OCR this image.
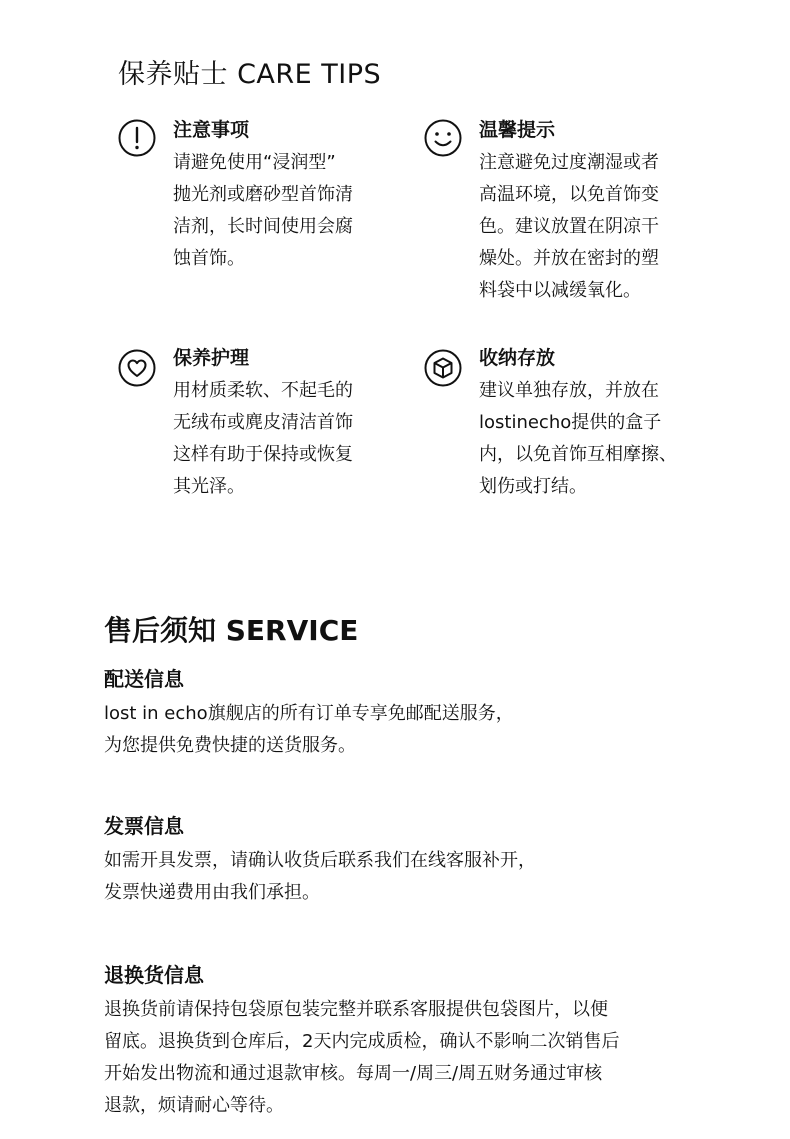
保养贴士 CARE TIPS
注意事项

请避免使用“浸润型”
抛光剂或磨砂型首饰清
洁剂，长时间使用会腐
蚀首饰。

温馨提示

注意避免过度潮湿或者
高温环境，以免首饰变
色。建议放置在阴凉干
燥处。并放在密封的塑
料袋中以减缓氧化。

保养护理

用材质柔软、不起毛的
无绒布或麂皮清洁首饰
这样有助于保持或恢复
其光泽。

收纳存放

建议单独存放，并放在
lostinecho提供的盒子
内，以免首饰互相摩擦、
划伤或打结。

售后须知 SERVICE
配送信息

lost in echo旗舰店的所有订单专享免邮配送服务，
为您提供免费快捷的送货服务。

发票信息

如需开具发票，请确认收货后联系我们在线客服补开，
发票快递费用由我们承担。

退换货信息

退换货前请保持包袋原包装完整并联系客服提供包袋图片，以便
留底。退换货到仓库后，2天内完成质检，确认不影响二次销售后
开始发出物流和通过退款审核。每周一/周三/周五财务通过审核
退款，烦请耐心等待。
